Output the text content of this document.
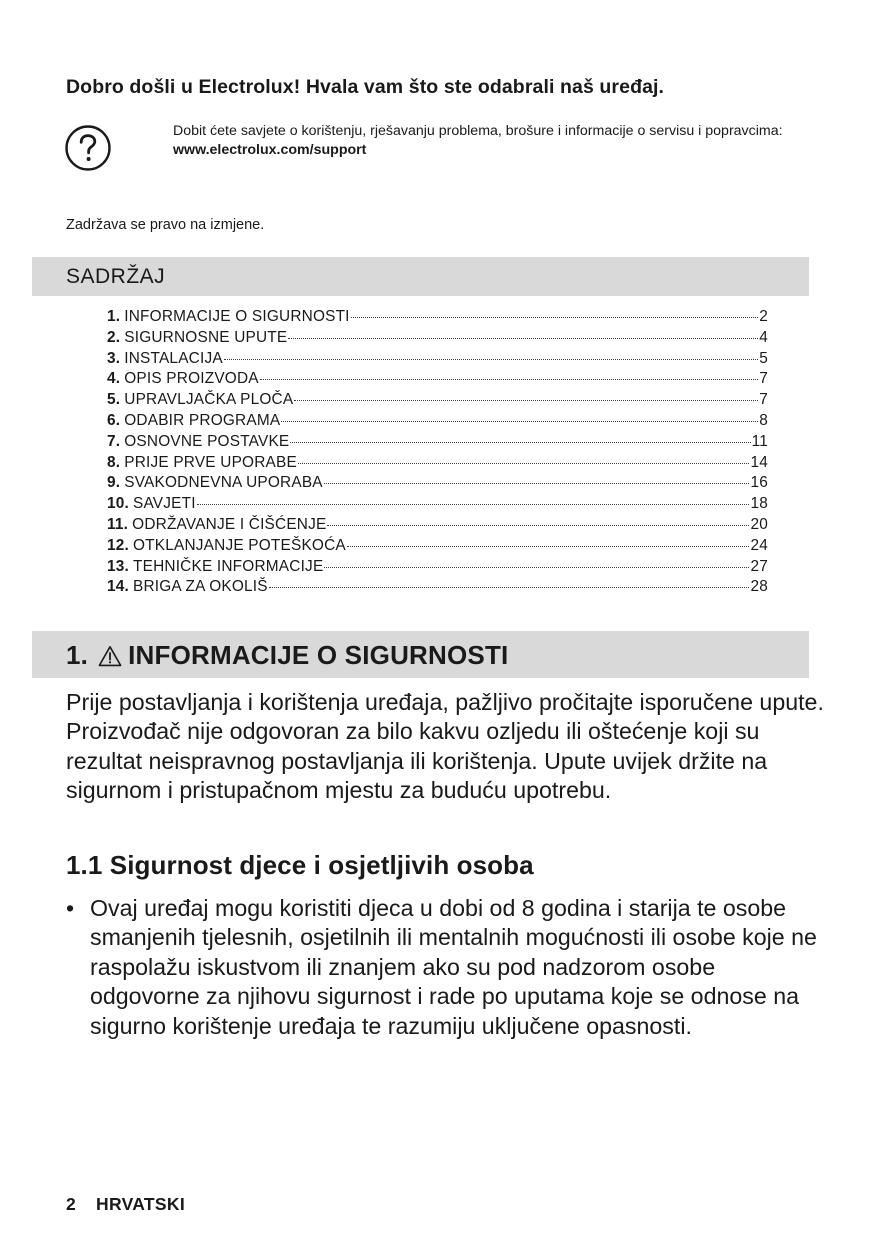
Dobro došli u Electrolux! Hvala vam što ste odabrali naš uređaj.
Dobit ćete savjete o korištenju, rješavanju problema, brošure i informacije o servisu i popravcima:
www.electrolux.com/support
Zadržava se pravo na izmjene.
SADRŽAJ
1. INFORMACIJE O SIGURNOSTI	2
2. SIGURNOSNE UPUTE	4
3. INSTALACIJA	5
4. OPIS PROIZVODA	7
5. UPRAVLJAČKA PLOČA	7
6. ODABIR PROGRAMA	8
7. OSNOVNE POSTAVKE	11
8. PRIJE PRVE UPORABE	14
9. SVAKODNEVNA UPORABA	16
10. SAVJETI	18
11. ODRŽAVANJE I ČIŠĆENJE	20
12. OTKLANJANJE POTEŠKOĆA	24
13. TEHNIČKE INFORMACIJE	27
14. BRIGA ZA OKOLIŠ	28
1. INFORMACIJE O SIGURNOSTI

Prije postavljanja i korištenja uređaja, pažljivo pročitajte isporučene upute. Proizvođač nije odgovoran za bilo kakvu ozljedu ili oštećenje koji su rezultat neispravnog postavljanja ili korištenja. Upute uvijek držite na sigurnom i pristupačnom mjestu za buduću upotrebu.

1.1 Sigurnost djece i osjetljivih osoba
• Ovaj uređaj mogu koristiti djeca u dobi od 8 godina i starija te osobe smanjenih tjelesnih, osjetilnih ili mentalnih mogućnosti ili osobe koje ne raspolažu iskustvom ili znanjem ako su pod nadzorom osobe odgovorne za njihovu sigurnost i rade po uputama koje se odnose na sigurno korištenje uređaja te razumiju uključene opasnosti.
2 HRVATSKI
